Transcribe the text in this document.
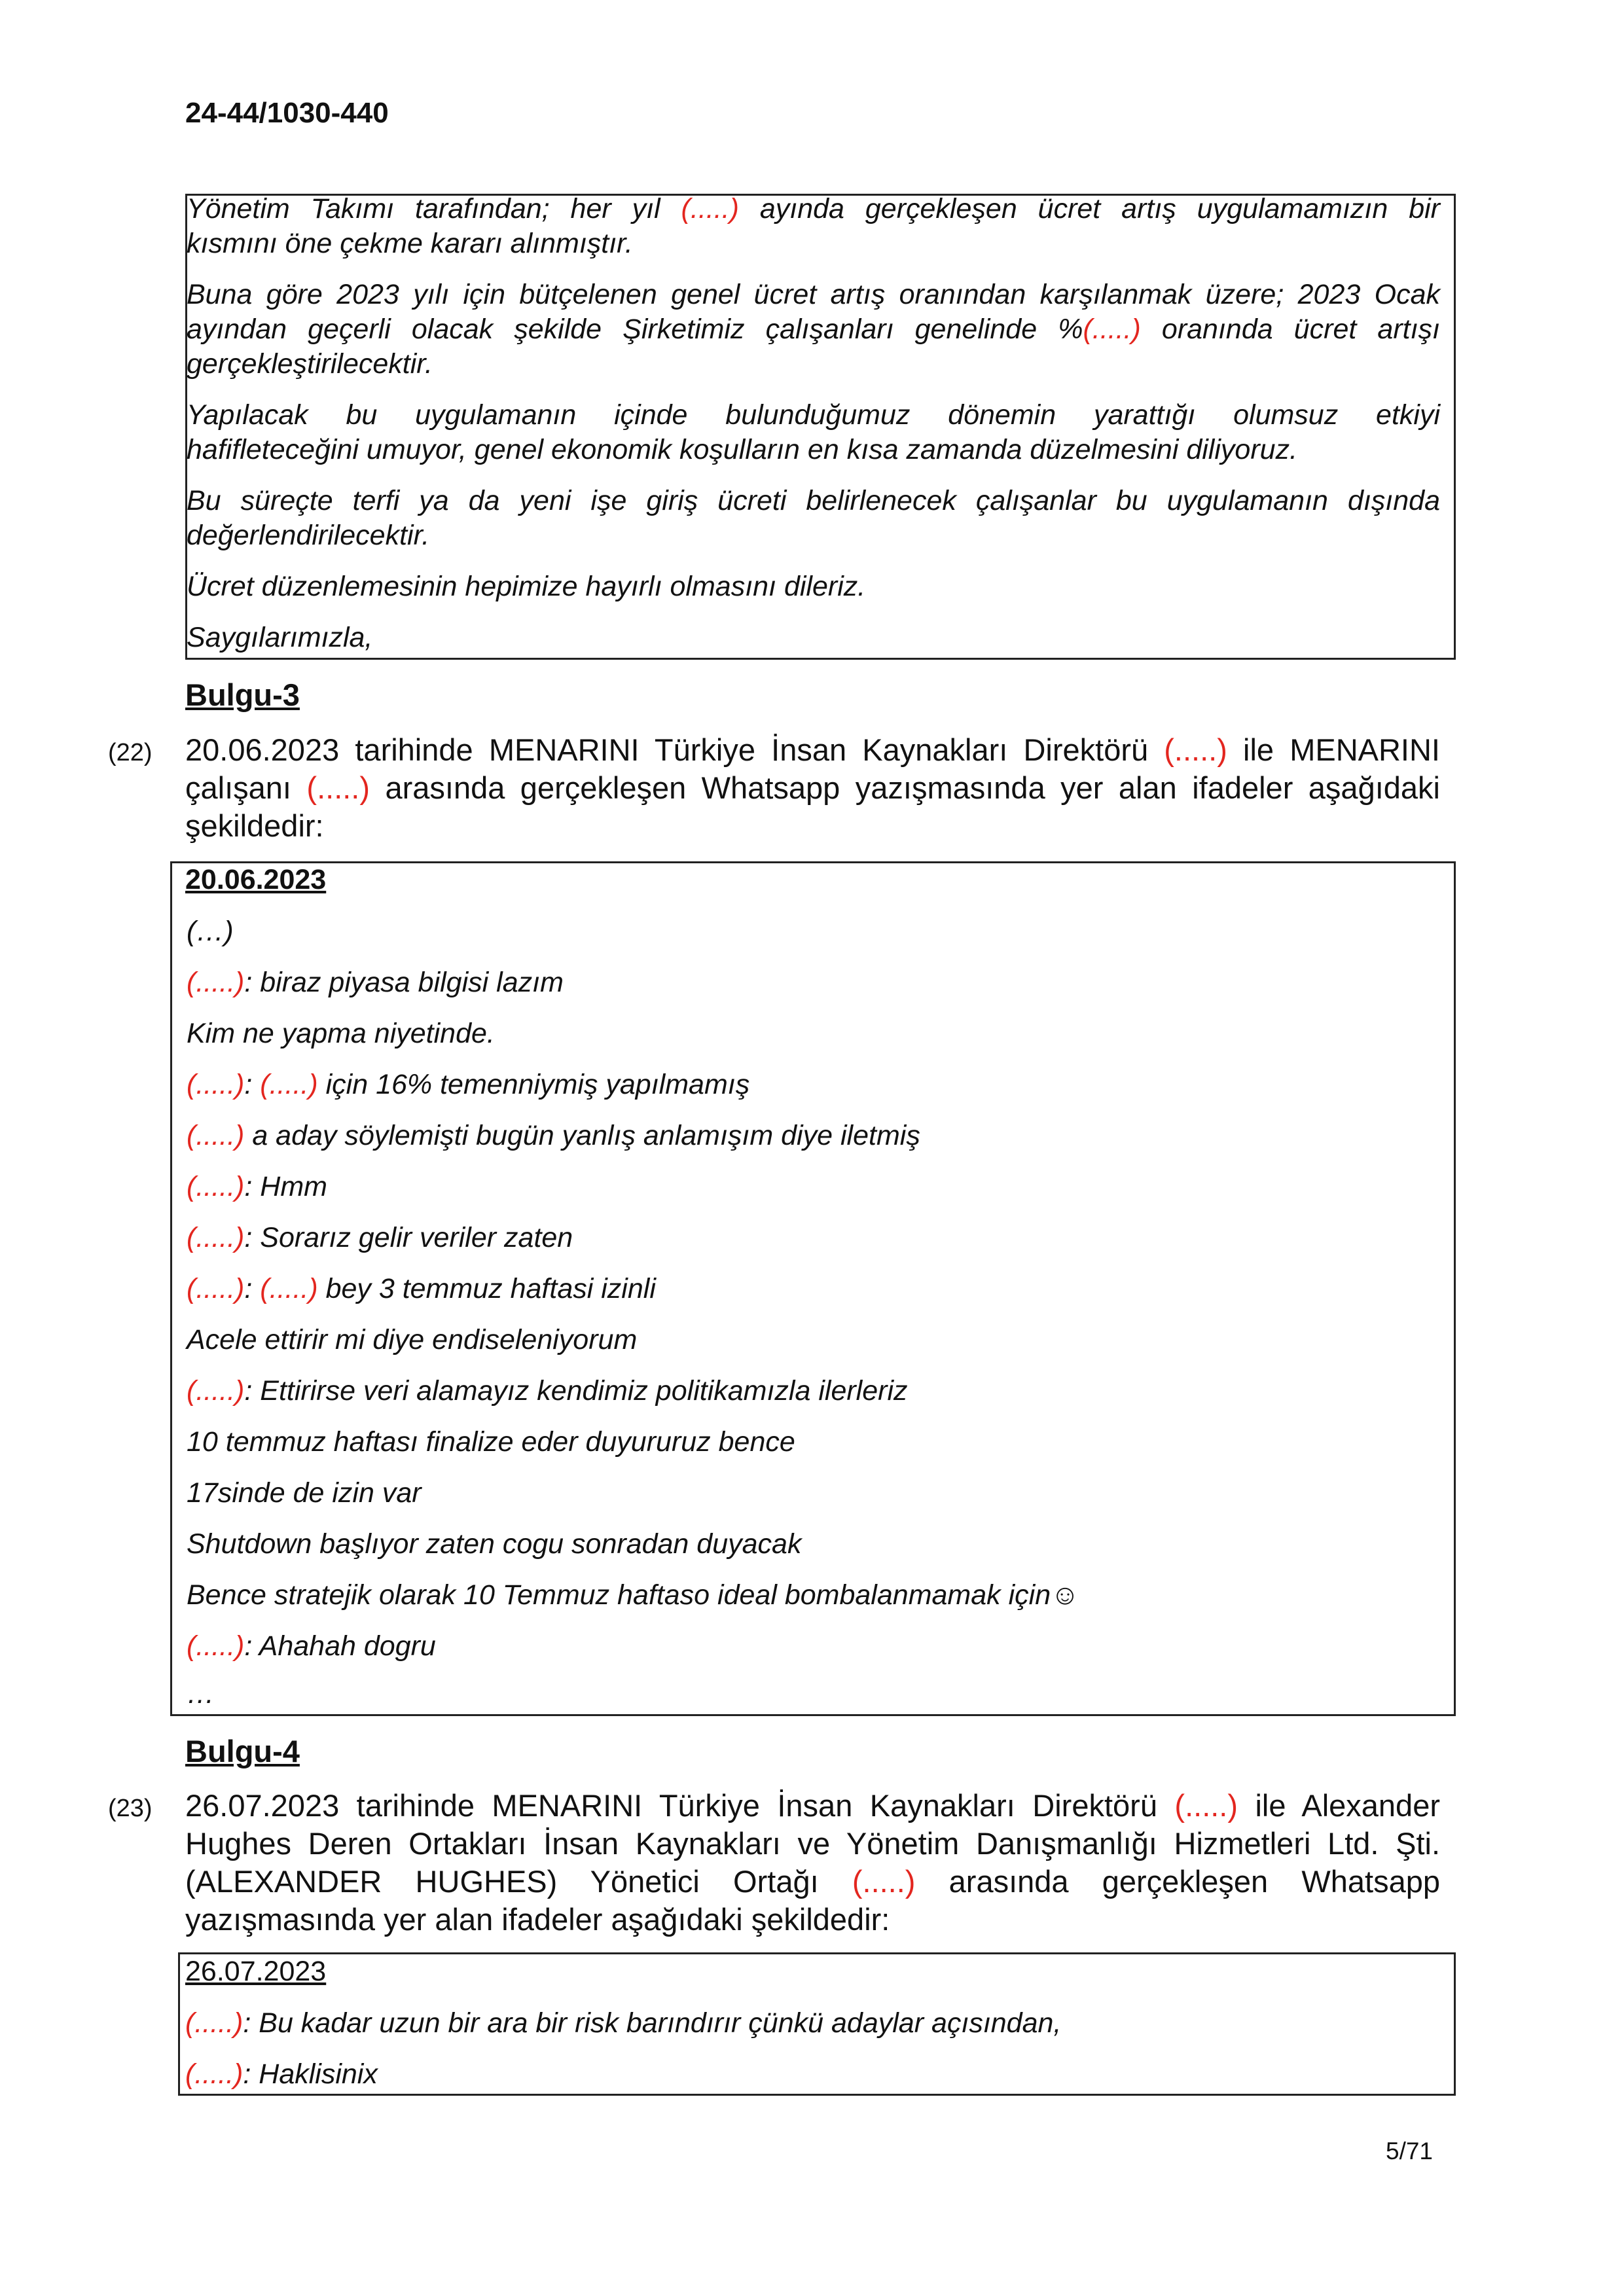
24-44/1030-440
Yönetim Takımı tarafından; her yıl (.....) ayında gerçekleşen ücret artış uygulamamızın bir
kısmını öne çekme kararı alınmıştır.
Buna göre 2023 yılı için bütçelenen genel ücret artış oranından karşılanmak üzere; 2023 Ocak
ayından geçerli olacak şekilde Şirketimiz çalışanları genelinde %(.....) oranında ücret artışı
gerçekleştirilecektir.
Yapılacak bu uygulamanın içinde bulunduğumuz dönemin yarattığı olumsuz etkiyi
hafifleteceğini umuyor, genel ekonomik koşulların en kısa zamanda düzelmesini diliyoruz.
Bu süreçte terfi ya da yeni işe giriş ücreti belirlenecek çalışanlar bu uygulamanın dışında
değerlendirilecektir.
Ücret düzenlemesinin hepimize hayırlı olmasını dileriz.
Saygılarımızla,
Bulgu-3
(22) 20.06.2023 tarihinde MENARINI Türkiye İnsan Kaynakları Direktörü (.....) ile MENARINI
çalışanı (.....) arasında gerçekleşen Whatsapp yazışmasında yer alan ifadeler aşağıdaki
şekildedir:
20.06.2023
(…)
(.....): biraz piyasa bilgisi lazım
Kim ne yapma niyetinde.
(.....): (.....) için 16% temenniymiş yapılmamış
(.....) a aday söylemişti bugün yanlış anlamışım diye iletmiş
(.....): Hmm
(.....): Sorarız gelir veriler zaten
(.....): (.....) bey 3 temmuz haftasi izinli
Acele ettirir mi diye endiseleniyorum
(.....): Ettirirse veri alamayız kendimiz politikamızla ilerleriz
10 temmuz haftası finalize eder duyururuz bence
17sinde de izin var
Shutdown başlıyor zaten cogu sonradan duyacak
Bence stratejik olarak 10 Temmuz haftaso ideal bombalanmamak için☺
(.....): Ahahah dogru
…
Bulgu-4
(23) 26.07.2023 tarihinde MENARINI Türkiye İnsan Kaynakları Direktörü (.....) ile Alexander
Hughes Deren Ortakları İnsan Kaynakları ve Yönetim Danışmanlığı Hizmetleri Ltd. Şti.
(ALEXANDER HUGHES) Yönetici Ortağı (.....) arasında gerçekleşen Whatsapp
yazışmasında yer alan ifadeler aşağıdaki şekildedir:
26.07.2023
(.....): Bu kadar uzun bir ara bir risk barındırır çünkü adaylar açısından,
(.....): Haklisinix
5/71
